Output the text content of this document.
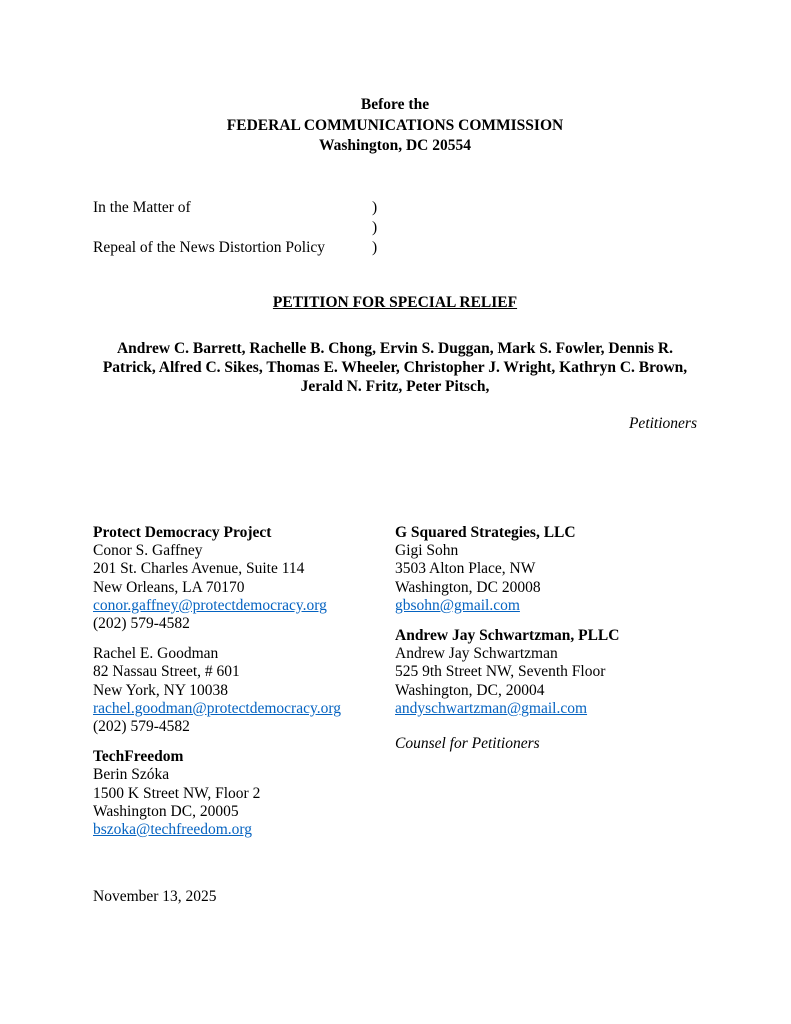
Before the
FEDERAL COMMUNICATIONS COMMISSION
Washington, DC 20554
In the Matter of	)
)
Repeal of the News Distortion Policy	)
PETITION FOR SPECIAL RELIEF
Andrew C. Barrett, Rachelle B. Chong, Ervin S. Duggan, Mark S. Fowler, Dennis R. Patrick, Alfred C. Sikes, Thomas E. Wheeler, Christopher J. Wright, Kathryn C. Brown, Jerald N. Fritz, Peter Pitsch,
Petitioners
Protect Democracy Project
Conor S. Gaffney
201 St. Charles Avenue, Suite 114
New Orleans, LA 70170
conor.gaffney@protectdemocracy.org
(202) 579-4582
Rachel E. Goodman
82 Nassau Street, # 601
New York, NY 10038
rachel.goodman@protectdemocracy.org
(202) 579-4582
TechFreedom
Berin Szóka
1500 K Street NW, Floor 2
Washington DC, 20005
bszoka@techfreedom.org
G Squared Strategies, LLC
Gigi Sohn
3503 Alton Place, NW
Washington, DC 20008
gbsohn@gmail.com
Andrew Jay Schwartzman, PLLC
Andrew Jay Schwartzman
525 9th Street NW, Seventh Floor
Washington, DC, 20004
andyschwartzman@gmail.com
Counsel for Petitioners
November 13, 2025
